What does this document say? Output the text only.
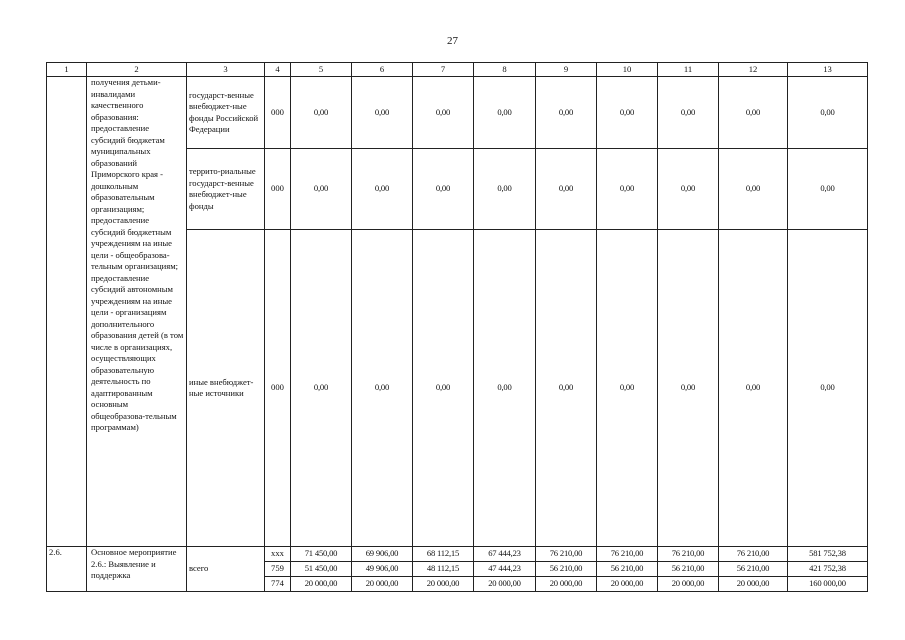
27
1	2	3	4	5	6	7	8	9	10	11	12	13
	получения детьми-инвалидами качественного образования: предоставление субсидий бюджетам муниципальных образований Приморского края - дошкольным образовательным организациям; предоставление субсидий бюджетным учреждениям на иные цели - общеобразова-тельным организациям; предоставление субсидий автономным учреждениям на иные цели - организациям дополнительного образования детей (в том числе в организациях, осуществляющих образовательную деятельность по адаптированным основным общеобразова-тельным программам)	государст-венные внебюджет-ные фонды Российской Федерации	000	0,00	0,00	0,00	0,00	0,00	0,00	0,00	0,00	0,00
		террито-риальные государст-венные внебюджет-ные фонды	000	0,00	0,00	0,00	0,00	0,00	0,00	0,00	0,00	0,00
		иные внебюджет-ные источники	000	0,00	0,00	0,00	0,00	0,00	0,00	0,00	0,00	0,00
2.6.	Основное мероприятие 2.6.: Выявление и поддержка	всего	ххх	71 450,00	69 906,00	68 112,15	67 444,23	76 210,00	76 210,00	76 210,00	76 210,00	581 752,38
			759	51 450,00	49 906,00	48 112,15	47 444,23	56 210,00	56 210,00	56 210,00	56 210,00	421 752,38
			774	20 000,00	20 000,00	20 000,00	20 000,00	20 000,00	20 000,00	20 000,00	20 000,00	160 000,00
